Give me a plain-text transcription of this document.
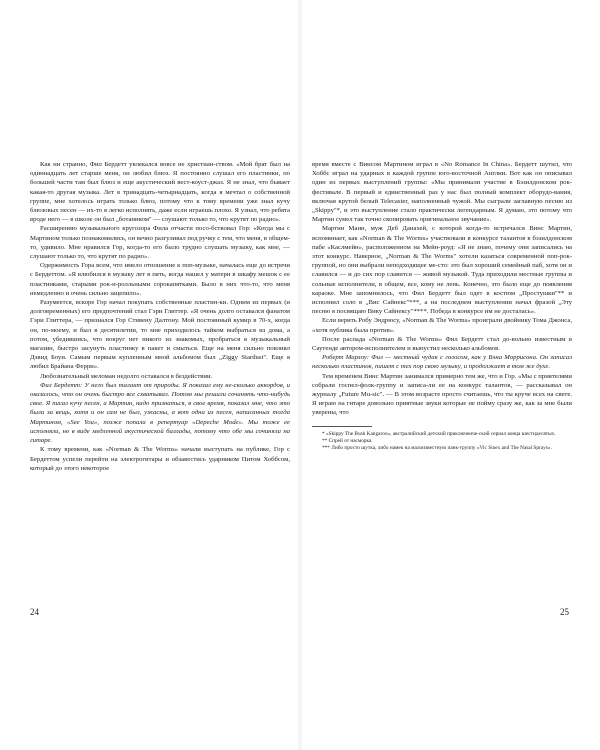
Как ни странно, Фил Бердетт увлекался вовсе не христиан-ством. «Мой брат был на одиннадцать лет старше меня, он любил блюз. Я постоянно слушал его пластинки, по большей части там был блюз и еще акустический вест-коуст-джаз. Я не знал, что бывает какая-то другая музыка. Лет в тринадцать-четырнадцать, когда я мечтал о собственной группе, мне хотелось играть только блюз, потому что к тому времени уже знал кучу блюзовых песен — их-то я легко исполнять, даже если играешь плохо. Я узнал, что ребята вроде него — в школе он был „ботаником" — слушают только то, что крутят по радио».

Расширению музыкального кругозора Фила отчасти посо-бствовал Гор: «Когда мы с Мартином только познакомились, он вечно разгуливал под ручку с тем, что меня, в общем-то, удивило. Мне нравился Гор, когда-то его было трудно слушать музыку, как мне, — слушают только то, что крутят по радио».

Одержимость Гора всем, что имело отношение к поп-музыке, началась еще до встречи с Бердеттом. «Я влюбился в музыку лет в пять, когда нашел у матери в шкафу мешок с ее пластинками, старыми рок-н-ролльными сорокапятками. Было в них что-то, что меня немедленно и очень сильно зацепило».

Разумеется, вскоре Гор начал покупать собственные пластин-ки. Одним из первых (и долговременных) его предпочтений стал Гэри Глиттер. «Я очень долго оставался фанатом Гэри Глиттера, — признался Гор Стивену Далтону. Мой постоянный кумир в 70-х, когда он, по-моему, и был в десятилетии, то мне приходилось тайком выбраться из дома, а потом, убедившись, что вокруг нет никого из знакомых, пробраться в музыкальный магазин, быстро засунуть пластинку в пакет и смыться. Еще на меня сильно повлиял Дэвид Боуи. Самым первым купленным мной альбомом был „Ziggy Stardust". Еще я любил Брайана Ферри».

Любознательный меломан недолго оставался в бездействии.

Фил Бердетт: У него был талант от природы. Я показал ему не-сколько аккордов, и оказалось, что он очень быстро все схватывал. Потом мы решили сочинять что-нибудь свое. Я писал кучу песен, а Мартин, надо признаться, в свое время, показал мне, что это была за вещь, хотя и он сам не был, ужасны, а вот одна из песен, написанных тогда Мартином, «See You», позже попала в репертуар «Depeche Mode». Мы тоже ее исполняли, но в виде медленной акустической баллады, потому что обе мы сочиняли на гитаре.

К тому времени, как «Norman & The Worms» начали выступать на публике, Гор с Бердеттом успели перейти на электрогитары и обзавестись ударником Питом Хоббсом, который до этого некоторое

время вместе с Винсом Мартином играл в «No Romance In China». Бердетт шутил, что Хоббс играл на ударных в каждой группе юго-восточной Англии. Вот как он описывал один из первых выступлений группы: «Мы принимали участие в Бэзилдонском рок-фестивале. В первый и единственный раз у нас был полный комплект оборудо-вания, включая крутой белый Telecaster, наполненный чужой. Мы сыграли заглавную песню из „Skippy"*, и это выступление стало практически легендарным. Я думаю, это потому что Мартин сумел так точно скопировать оригинальное звучание».

Мартин Манн, муж Деб Данахей, с которой когда-то встречался Винс Мартин, вспоминает, как «Norman & The Worms» участвовали в конкурсе талантов в бэзилдонском пабе «Каслмейн», расположенном на Мейн-роуд: «Я не знаю, почему они записались на этот конкурс. Наверное, „Norman & The Worms" хотели казаться современной поп-рок-группой, но они выбрали неподходящее ме-сто: это был хороший семейный паб, хотя он и славился — и до сих пор славится — живой музыкой. Туда приходили местные группы и сольные исполнители, в общем, все, кому не лень. Конечно, это было еще до появления караоке. Мне запомнилось, что Фил Бердетт был одет в костюм „Простушки"** и исполнил соло в „Вис Сайнекс"***, а на последнем выступлении начал фразой „Эту песню я посвящаю Вику Сайнексу"****. Победа в конкурсе им не досталась».

Если верить Робу Эндрюсу, «Norman & The Worms» проиграли двойнику Тома Джонса, «хотя публика была против».

После распада «Norman & The Worms» Фил Бердетт стал до-вольно известным в Саутенде автором-исполнителем и выпустил несколько альбомов.

Роберт Марлоу: Фил — местный чудак с голосом, как у Вэна Моррисона. Он записал несколько пластинок, пишет с тех пор свою музыку, и продолжает в том же духе.

Тем временем Винс Мартин занимался примерно тем же, что и Гор. «Мы с приятелями собрали госпел-фолк-группу и записа-ли ее на конкурс талантов, — рассказывал он журналу „Future Mu-sic". — В этом возрасте просто считаешь, что ты круче всех на свете. Я играю на гитаре довольно приятные звуки которые не пойму сразу же, как за мне были уверены, что

* «Skippy The Bush Kangaroo», австралийский детский приключенче-ский сериал конца шестидесятых.

** Спрей от насморка.

*** Либо просто шутка, либо намек на малоизвестную панк-группу «Vic Sinex and The Nasal Sprays».

24	25
